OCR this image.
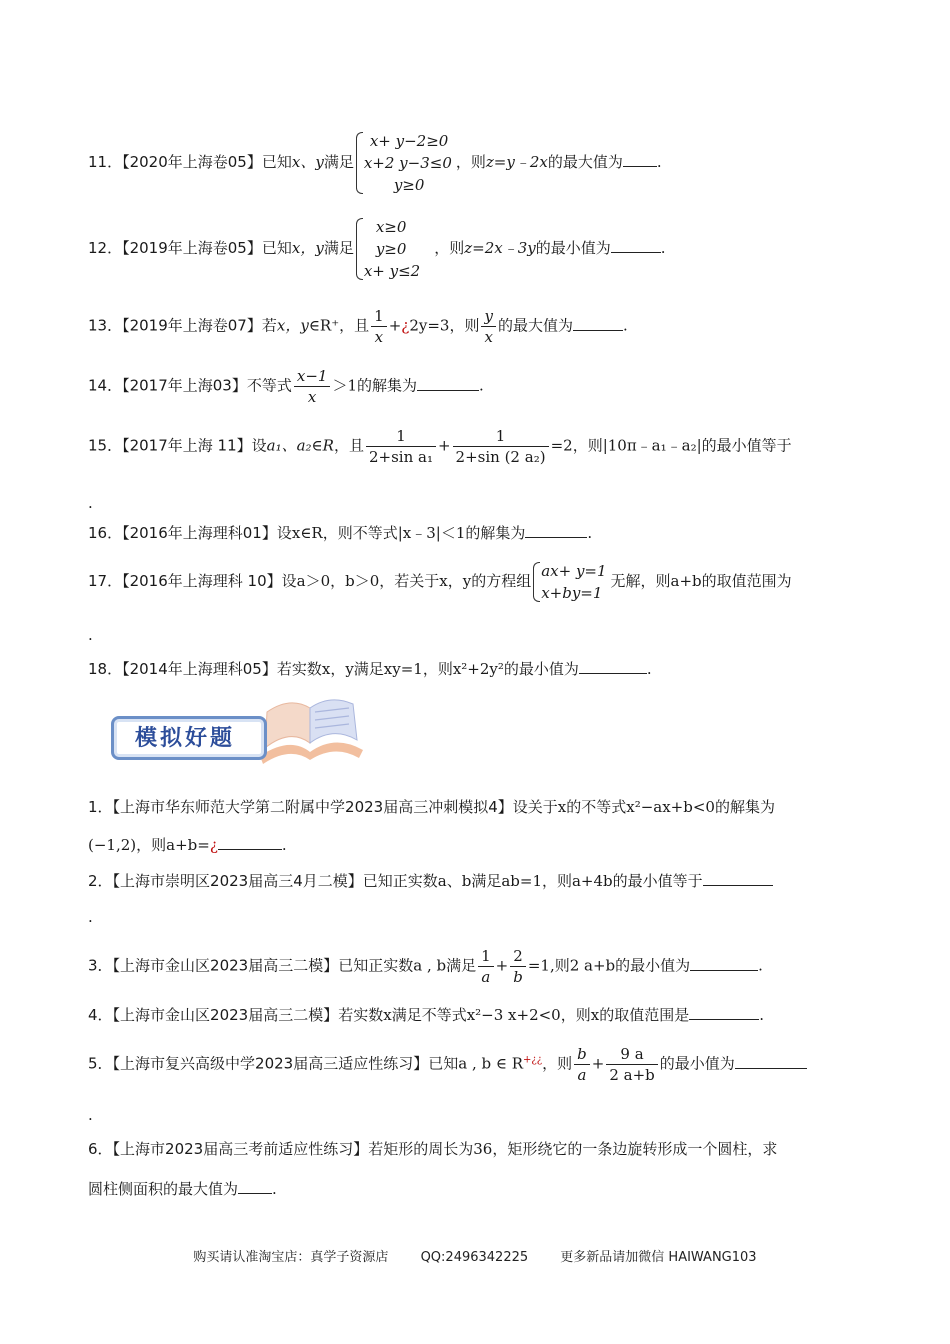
11．【2020年上海卷05】已知x、y满足
x+ y−2≥0
x+2 y−3≤0
y≥0
，则z=y﹣2x的最大值为 .
12．【2019年上海卷05】已知x，y满足
x≥0
y≥0
x+ y≤2
，则z=2x﹣3y的最小值为	.
13．【2019年上海卷07】若x，y∈R⁺，且 $\frac{1}{x}$ +¿2y=3，则 $\frac{y}{x}$ 的最大值为	.
14．【2017年上海03】不等式 $\frac{x-1}{x} >1$的解集为	.
15．【2017年上海 11】设a₁、a₂∈R，且 $\frac{1}{\text{2+sin a₁}} + \frac{1}{\text{2+sin (2 a₂)}} =2$，则|10π﹣a₁﹣a₂|的最小值等于
.
16．【2016年上海理科01】设x∈R，则不等式|x﹣3|＜1的解集为	.
17．【2016年上海理科 10】设a＞0，b＞0，若关于x，y的方程组
ax+ y=1
x+by=1
无解，则a+b的取值范围为
.
18．【2014年上海理科05】若实数x，y满足xy=1，则x²+2y²的最小值为	.
模拟好题
1．【上海市华东师范大学第二附属中学2023届高三冲刺模拟4】设关于x的不等式x²−ax+b<0的解集为
(−1,2)，则a+b=¿	.
2．【上海市崇明区2023届高三4月二模】已知正实数a、b满足ab=1，则a+4b的最小值等于
.
3．【上海市金山区2023届高三二模】已知正实数a , b满足 $\frac{1}{a} + \frac{2}{b} =1$,则2 a+b的最小值为	.
4．【上海市金山区2023届高三二模】若实数x满足不等式x²−3 x+2<0，则x的取值范围是	.
5．【上海市复兴高级中学2023届高三适应性练习】已知a , b ∈ R+¿¿，则 $\frac{b}{a} + \frac{9 a}{2 a+b}$ 的最小值为
.
6．【上海市2023届高三考前适应性练习】若矩形的周长为36，矩形绕它的一条边旋转形成一个圆柱，求
圆柱侧面积的最大值为 .
购买请认准淘宝店：真学子资源店 QQ:2496342225 更多新品请加微信 HAIWANG103
